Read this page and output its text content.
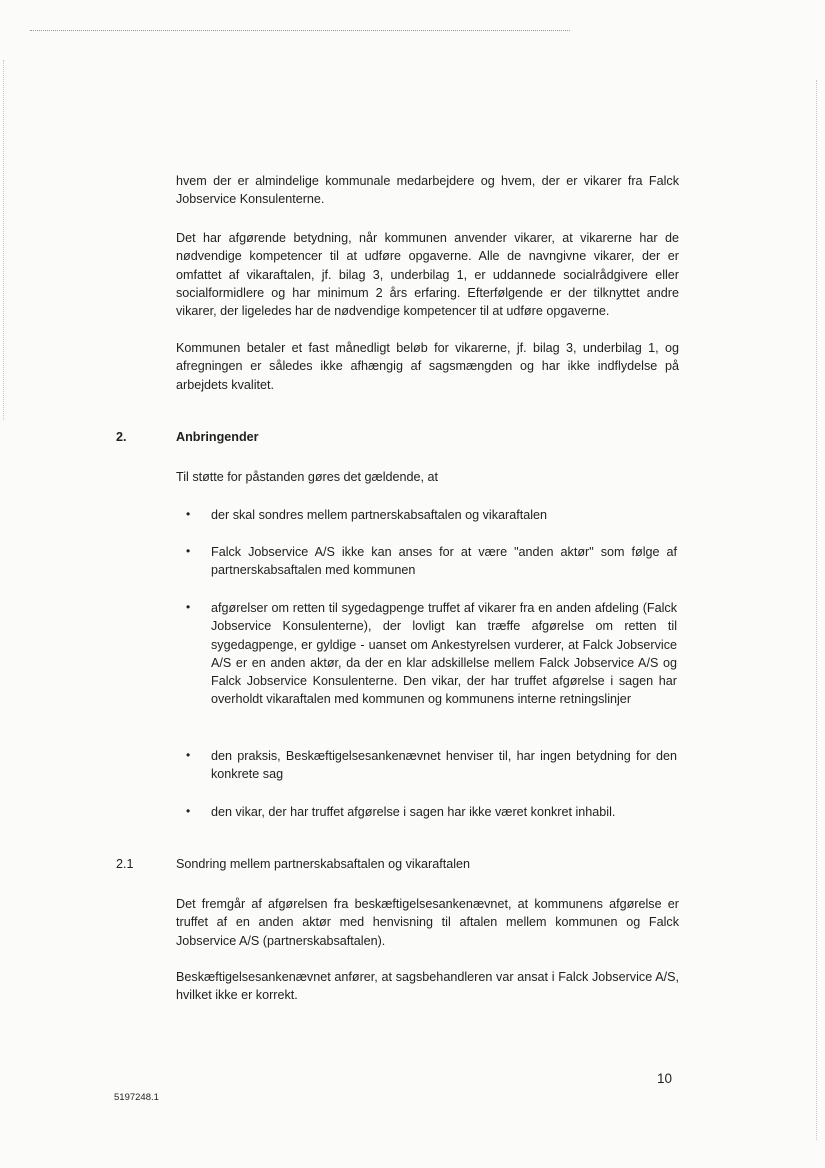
hvem der er almindelige kommunale medarbejdere og hvem, der er vikarer fra Falck Jobservice Konsulenterne.

Det har afgørende betydning, når kommunen anvender vikarer, at vikarerne har de nødvendige kompetencer til at udføre opgaverne. Alle de navngivne vikarer, der er omfattet af vikaraftalen, jf. bilag 3, underbilag 1, er uddannede socialrådgivere eller socialformidlere og har minimum 2 års erfaring. Efterfølgende er der tilknyttet andre vikarer, der ligeledes har de nødvendige kompetencer til at udføre opgaverne.

Kommunen betaler et fast månedligt beløb for vikarerne, jf. bilag 3, underbilag 1, og afregningen er således ikke afhængig af sagsmængden og har ikke indflydelse på arbejdets kvalitet.

2.	Anbringender

Til støtte for påstanden gøres det gældende, at

• der skal sondres mellem partnerskabsaftalen og vikaraftalen

• Falck Jobservice A/S ikke kan anses for at være "anden aktør" som følge af partnerskabsaftalen med kommunen

• afgørelser om retten til sygedagpenge truffet af vikarer fra en anden afdeling (Falck Jobservice Konsulenterne), der lovligt kan træffe afgørelse om retten til sygedagpenge, er gyldige - uanset om Ankestyrelsen vurderer, at Falck Jobservice A/S er en anden aktør, da der en klar adskillelse mellem Falck Jobservice A/S og Falck Jobservice Konsulenterne. Den vikar, der har truffet afgørelse i sagen har overholdt vikaraftalen med kommunen og kommunens interne retningslinjer

• den praksis, Beskæftigelsesankenævnet henviser til, har ingen betydning for den konkrete sag

• den vikar, der har truffet afgørelse i sagen har ikke været konkret inhabil.

2.1	Sondring mellem partnerskabsaftalen og vikaraftalen

Det fremgår af afgørelsen fra beskæftigelsesankenævnet, at kommunens afgørelse er truffet af en anden aktør med henvisning til aftalen mellem kommunen og Falck Jobservice A/S (partnerskabsaftalen).

Beskæftigelsesankenævnet anfører, at sagsbehandleren var ansat i Falck Jobservice A/S, hvilket ikke er korrekt.

10
5197248.1
